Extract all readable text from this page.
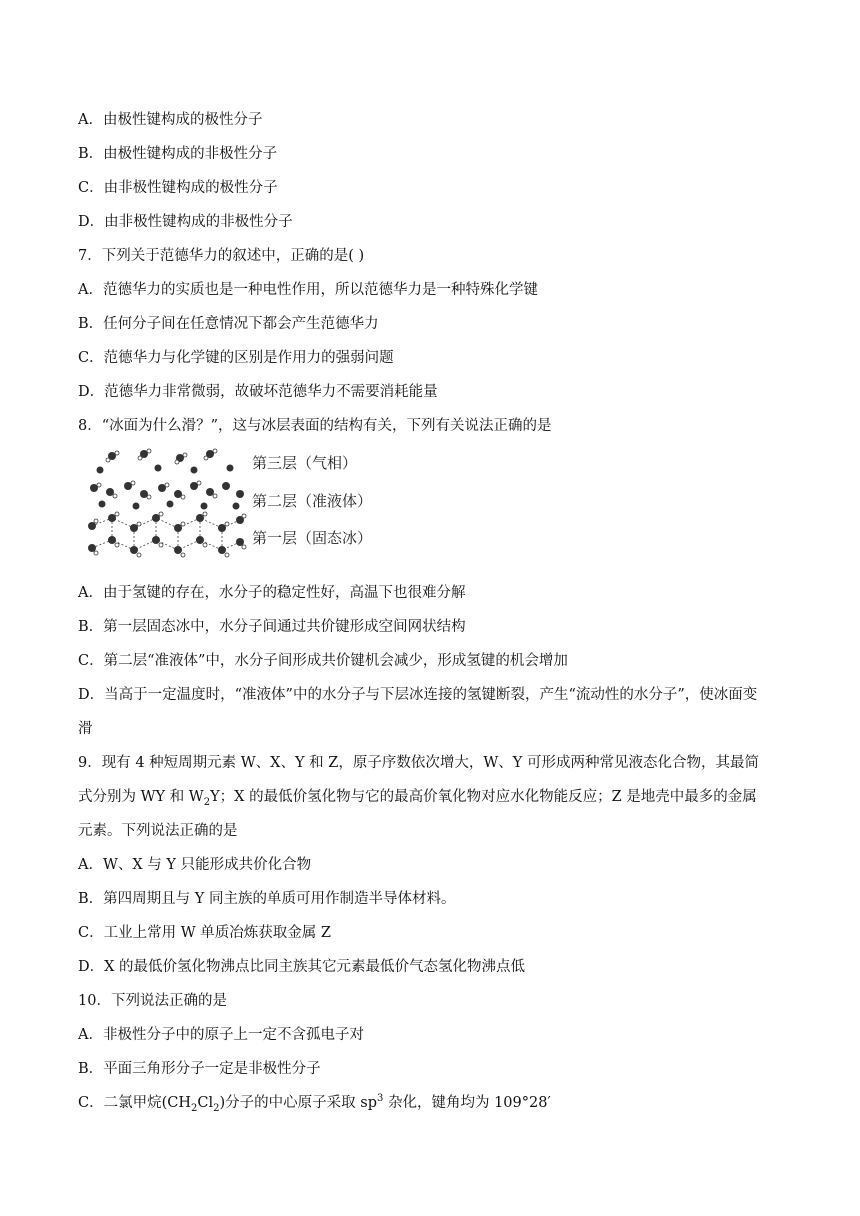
A．由极性键构成的极性分子
B．由极性键构成的非极性分子
C．由非极性键构成的极性分子
D．由非极性键构成的非极性分子
7．下列关于范德华力的叙述中，正确的是( )
A．范德华力的实质也是一种电性作用，所以范德华力是一种特殊化学键
B．任何分子间在任意情况下都会产生范德华力
C．范德华力与化学键的区别是作用力的强弱问题
D．范德华力非常微弱，故破坏范德华力不需要消耗能量
8．“冰面为什么滑？”，这与冰层表面的结构有关，下列有关说法正确的是
第三层（气相）
第二层（准液体）
第一层（固态冰）
A．由于氢键的存在，水分子的稳定性好，高温下也很难分解
B．第一层固态冰中，水分子间通过共价键形成空间网状结构
C．第二层“准液体”中，水分子间形成共价键机会减少，形成氢键的机会增加
D．当高于一定温度时，“准液体”中的水分子与下层冰连接的氢键断裂，产生“流动性的水分子”，使冰面变
滑
9．现有 4 种短周期元素 W、X、Y 和 Z，原子序数依次增大，W、Y 可形成两种常见液态化合物，其最简
式分别为 WY 和 $W_2Y$；X 的最低价氢化物与它的最高价氧化物对应水化物能反应；Z 是地壳中最多的金属
元素。下列说法正确的是
A．W、X 与 Y 只能形成共价化合物
B．第四周期且与 Y 同主族的单质可用作制造半导体材料。
C．工业上常用 W 单质冶炼获取金属 Z
D．X 的最低价氢化物沸点比同主族其它元素最低价气态氢化物沸点低
10．下列说法正确的是
A．非极性分子中的原子上一定不含孤电子对
B．平面三角形分子一定是非极性分子
C．二氯甲烷$(CH_2Cl_2)$分子的中心原子采取 $sp^3$ 杂化，键角均为 109°28′
